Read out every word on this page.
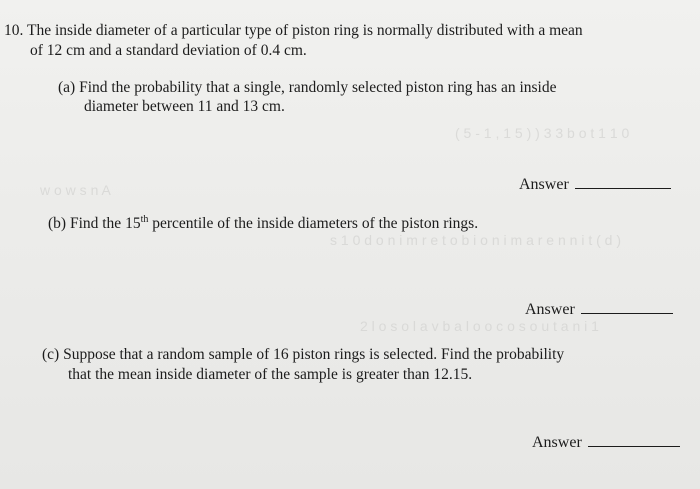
( 5 - 1 , 1 5 ) ) 3 3 b o t 1 1 0
w o w s n A
s 1 0 d o n i m r e t o b i o n i m a r e n n i t ( d )
2 l o s o l a v b a l o o c o s o u t a n i 1
10. The inside diameter of a particular type of piston ring is normally distributed with a mean
of 12 cm and a standard deviation of 0.4 cm.
(a) Find the probability that a single, randomly selected piston ring has an inside
diameter between 11 and 13 cm.
Answer
(b) Find the 15th percentile of the inside diameters of the piston rings.
Answer
(c) Suppose that a random sample of 16 piston rings is selected. Find the probability
that the mean inside diameter of the sample is greater than 12.15.
Answer
